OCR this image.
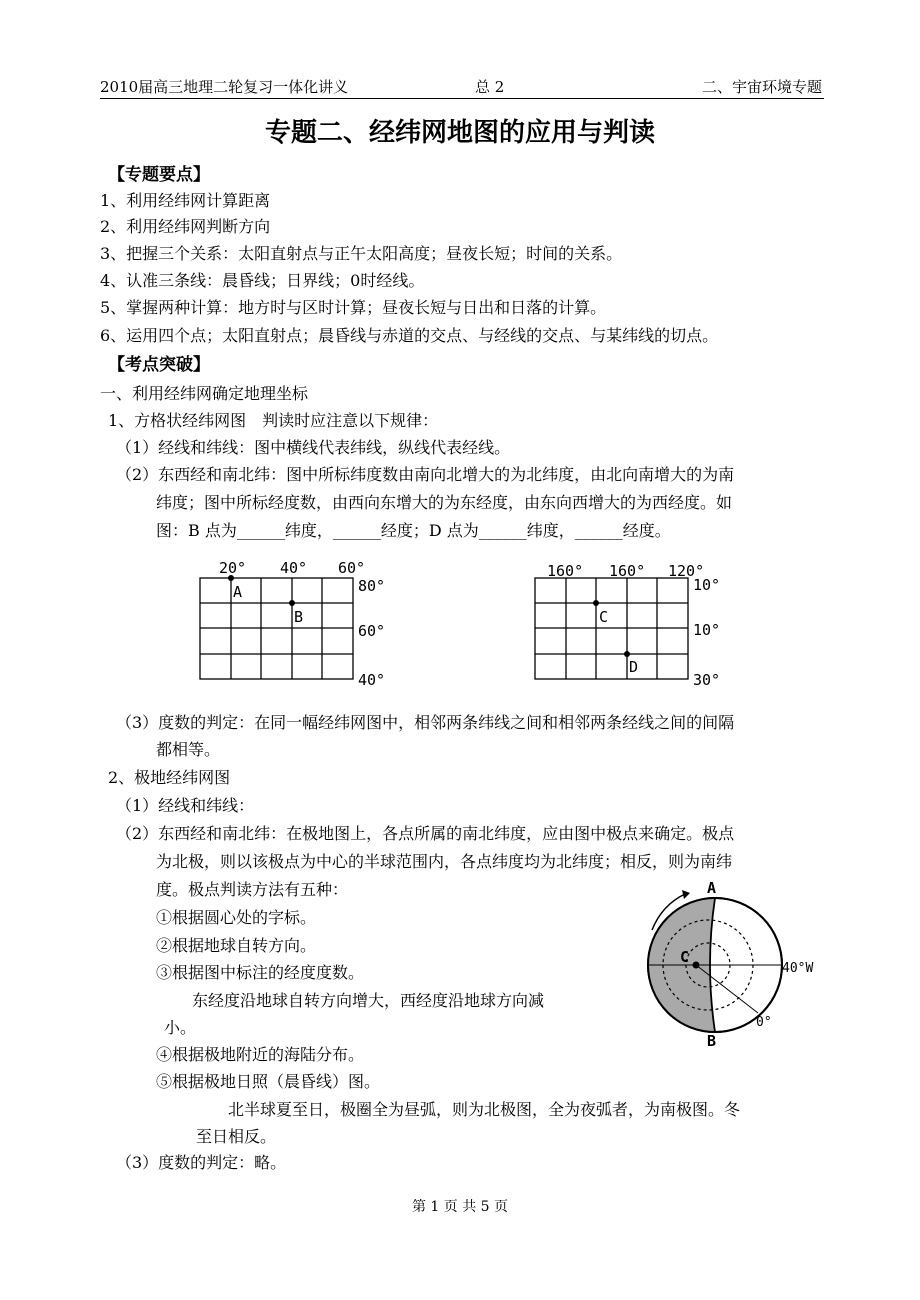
2010届高三地理二轮复习一体化讲义	总 2	二、宇宙环境专题
专题二、经纬网地图的应用与判读
【专题要点】
1、利用经纬网计算距离
2、利用经纬网判断方向
3、把握三个关系：太阳直射点与正午太阳高度；昼夜长短；时间的关系。
4、认准三条线：晨昏线；日界线；0时经线。
5、掌握两种计算：地方时与区时计算；昼夜长短与日出和日落的计算。
6、运用四个点；太阳直射点；晨昏线与赤道的交点、与经线的交点、与某纬线的切点。
【考点突破】
一、利用经纬网确定地理坐标
1、方格状经纬网图　判读时应注意以下规律：
（1）经线和纬线：图中横线代表纬线，纵线代表经线。
（2）东西经和南北纬：图中所标纬度数由南向北增大的为北纬度，由北向南增大的为南
纬度；图中所标经度数，由西向东增大的为东经度，由东向西增大的为西经度。如
图：B 点为______纬度，______经度；D 点为______纬度，______经度。
20° 40° 60°
80°
60°
40°
A
B
160° 160° 120°
10°
10°
30°
C
D
（3）度数的判定：在同一幅经纬网图中，相邻两条纬线之间和相邻两条经线之间的间隔
都相等。
2、极地经纬网图
（1）经线和纬线：
（2）东西经和南北纬：在极地图上，各点所属的南北纬度，应由图中极点来确定。极点
为北极，则以该极点为中心的半球范围内，各点纬度均为北纬度；相反，则为南纬
度。极点判读方法有五种：
①根据圆心处的字标。
②根据地球自转方向。
③根据图中标注的经度度数。
东经度沿地球自转方向增大，西经度沿地球方向减
小。
④根据极地附近的海陆分布。
⑤根据极地日照（晨昏线）图。
北半球夏至日，极圈全为昼弧，则为北极图，全为夜弧者，为南极图。冬
至日相反。
（3）度数的判定：略。
A
B
C
40°W
0°
第 1 页 共 5 页
